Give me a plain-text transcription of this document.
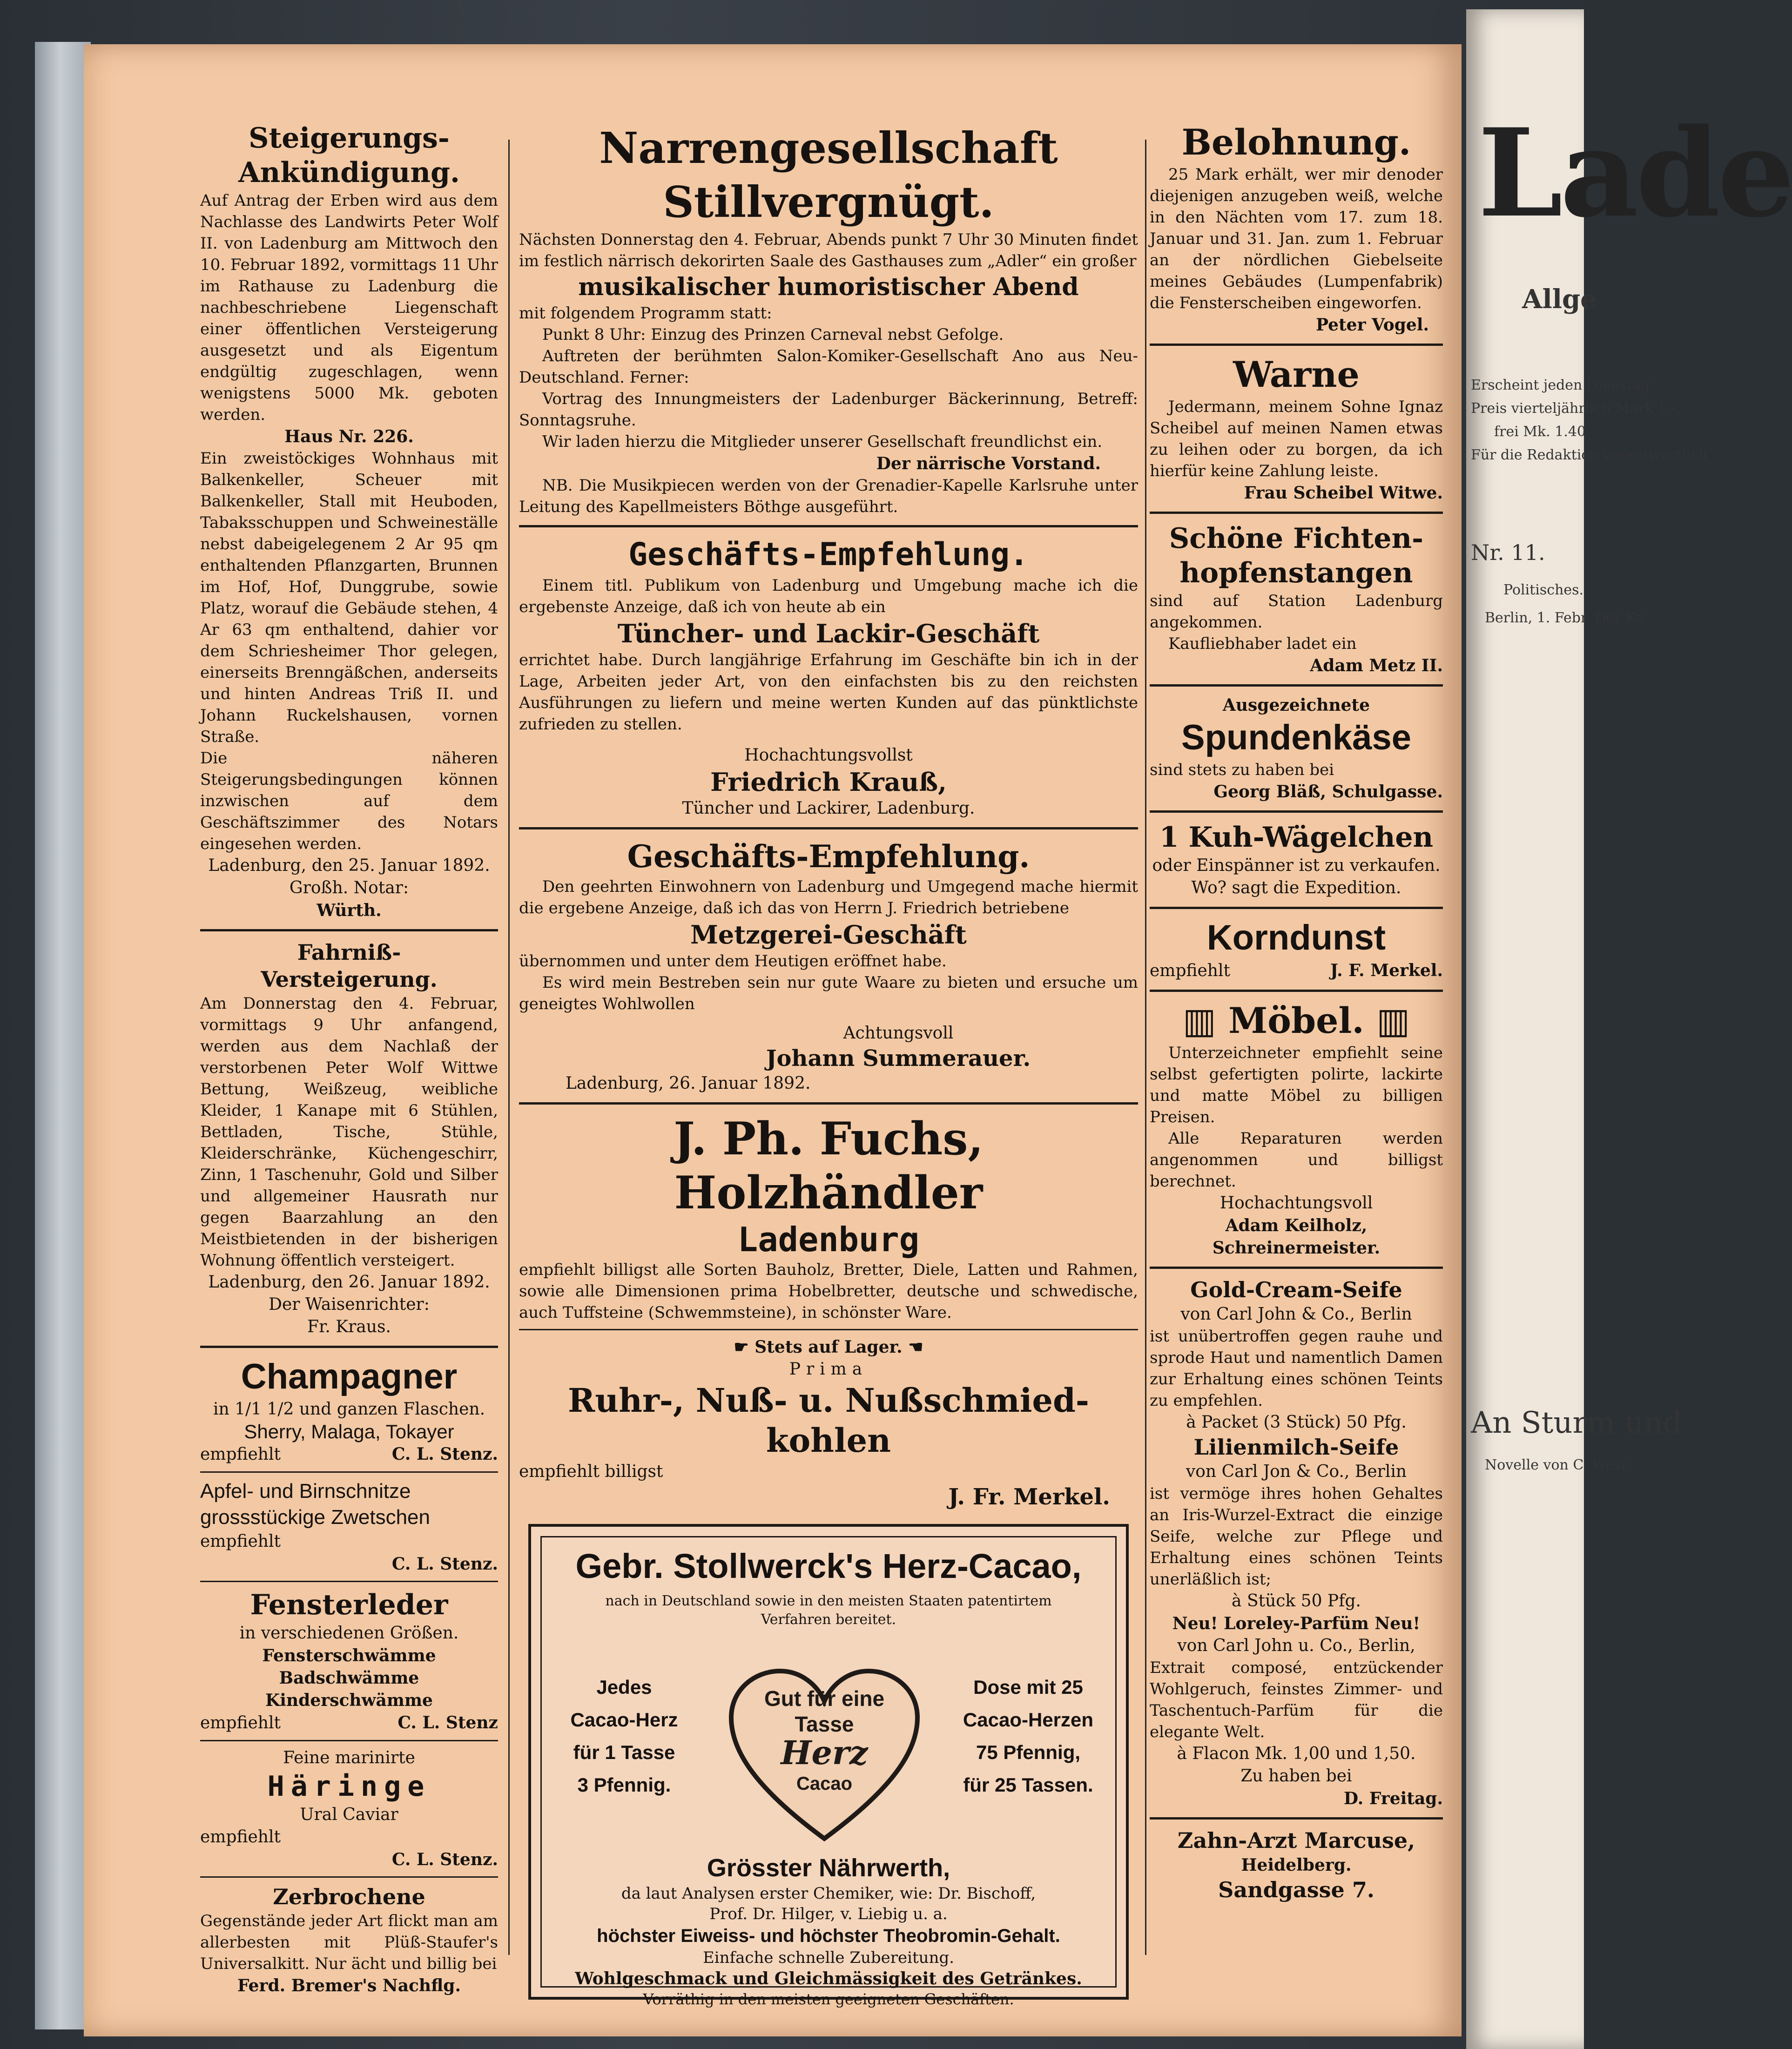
Lade
Allge
Erscheint jeden Dienstag
Preis vierteljährlich Mark 1.-,
frei Mk. 1.40
Für die Redaktion verantwortlich
Nr. 11.
Politisches.
Berlin, 1. Febr. Der Ka
An Sturm und
Novelle von C. West
Steigerungs-
Ankündigung.

Auf Antrag der Erben wird aus dem Nachlasse des Landwirts Peter Wolf II. von Ladenburg am Mittwoch den 10. Februar 1892, vormittags 11 Uhr im Rathause zu Ladenburg die nachbeschriebene Liegenschaft einer öffentlichen Versteigerung ausgesetzt und als Eigentum endgültig zugeschlagen, wenn wenigstens 5000 Mk. geboten werden.

Haus Nr. 226.

Ein zweistöckiges Wohnhaus mit Balkenkeller, Scheuer mit Balkenkeller, Stall mit Heuboden, Tabaksschuppen und Schweineställe nebst dabeigelegenem 2 Ar 95 qm enthaltenden Pflanzgarten, Brunnen im Hof, Hof, Dunggrube, sowie Platz, worauf die Gebäude stehen, 4 Ar 63 qm enthaltend, dahier vor dem Schriesheimer Thor gelegen, einerseits Brenngäßchen, anderseits und hinten Andreas Triß II. und Johann Ruckelshausen, vornen Straße.

Die näheren Steigerungsbedingungen können inzwischen auf dem Geschäftszimmer des Notars eingesehen werden.

Ladenburg, den 25. Januar 1892.

Großh. Notar:

Würth.

Fahrniß-
Versteigerung.

Am Donnerstag den 4. Februar, vormittags 9 Uhr anfangend, werden aus dem Nachlaß der verstorbenen Peter Wolf Wittwe Bettung, Weißzeug, weibliche Kleider, 1 Kanape mit 6 Stühlen, Bettladen, Tische, Stühle, Kleiderschränke, Küchengeschirr, Zinn, 1 Taschenuhr, Gold und Silber und allgemeiner Hausrath nur gegen Baarzahlung an den Meistbietenden in der bisherigen Wohnung öffentlich versteigert.

Ladenburg, den 26. Januar 1892.

Der Waisenrichter:

Fr. Kraus.

Champagner

in 1/1 1/2 und ganzen Flaschen.

Sherry, Malaga, Tokayer

empfiehlt	C. L. Stenz.

Apfel- und Birnschnitze

grossstückige Zwetschen

empfiehlt

C. L. Stenz.

Fensterleder

in verschiedenen Größen.

Fensterschwämme

Badschwämme

Kinderschwämme

empfiehlt	C. L. Stenz

Feine marinirte

Häringe

Ural Caviar

empfiehlt

C. L. Stenz.

Zerbrochene

Gegenstände jeder Art flickt man am allerbesten mit Plüß-Staufer's Universalkitt. Nur ächt und billig bei

Ferd. Bremer's Nachflg.

Narrengesellschaft Stillvergnügt.

Nächsten Donnerstag den 4. Februar, Abends punkt 7 Uhr 30 Minuten findet im festlich närrisch dekorirten Saale des Gasthauses zum „Adler“ ein großer

musikalischer humoristischer Abend

mit folgendem Programm statt:

Punkt 8 Uhr: Einzug des Prinzen Carneval nebst Gefolge.

Auftreten der berühmten Salon-Komiker-Gesellschaft Ano aus Neu-Deutschland. Ferner:

Vortrag des Innungmeisters der Ladenburger Bäckerinnung, Betreff: Sonntagsruhe.

Wir laden hierzu die Mitglieder unserer Gesellschaft freundlichst ein.

Der närrische Vorstand.

NB. Die Musikpiecen werden von der Grenadier-Kapelle Karlsruhe unter Leitung des Kapellmeisters Böthge ausgeführt.

Geschäfts-Empfehlung.

Einem titl. Publikum von Ladenburg und Umgebung mache ich die ergebenste Anzeige, daß ich von heute ab ein

Tüncher- und Lackir-Geschäft

errichtet habe. Durch langjährige Erfahrung im Geschäfte bin ich in der Lage, Arbeiten jeder Art, von den einfachsten bis zu den reichsten Ausführungen zu liefern und meine werten Kunden auf das pünktlichste zufrieden zu stellen.

Hochachtungsvollst

Friedrich Krauß,

Tüncher und Lackirer, Ladenburg.

Geschäfts-Empfehlung.

Den geehrten Einwohnern von Ladenburg und Umgegend mache hiermit die ergebene Anzeige, daß ich das von Herrn J. Friedrich betriebene

Metzgerei-Geschäft

übernommen und unter dem Heutigen eröffnet habe.

Es wird mein Bestreben sein nur gute Waare zu bieten und ersuche um geneigtes Wohlwollen

Achtungsvoll

Johann Summerauer.

Ladenburg, 26. Januar 1892.

J. Ph. Fuchs, Holzhändler
Ladenburg

empfiehlt billigst alle Sorten Bauholz, Bretter, Diele, Latten und Rahmen, sowie alle Dimensionen prima Hobelbretter, deutsche und schwedische, auch Tuffsteine (Schwemmsteine), in schönster Ware.

☛ Stets auf Lager. ☚

Prima

Ruhr-, Nuß- u. Nußschmied-kohlen

empfiehlt billigst

J. Fr. Merkel.

Gebr. Stollwerck's Herz-Cacao,
nach in Deutschland sowie in den meisten Staaten patentirtem Verfahren bereitet.
Jedes
Cacao-Herz
für 1 Tasse
3 Pfennig.
Gut für eine
Tasse
Herz
Cacao
Dose mit 25
Cacao-Herzen
75 Pfennig,
für 25 Tassen.
Grösster Nährwerth,
da laut Analysen erster Chemiker, wie: Dr. Bischoff,
Prof. Dr. Hilger, v. Liebig u. a.
höchster Eiweiss- und höchster Theobromin-Gehalt.
Einfache schnelle Zubereitung.
Wohlgeschmack und Gleichmässigkeit des Getränkes.
Vorräthig in den meisten geeigneten Geschäften.
Belohnung.

25 Mark erhält, wer mir denoder diejenigen anzugeben weiß, welche in den Nächten vom 17. zum 18. Januar und 31. Jan. zum 1. Februar an der nördlichen Giebelseite meines Gebäudes (Lumpenfabrik) die Fensterscheiben eingeworfen.

Peter Vogel.

Warne

Jedermann, meinem Sohne Ignaz Scheibel auf meinen Namen etwas zu leihen oder zu borgen, da ich hierfür keine Zahlung leiste.

Frau Scheibel Witwe.

Schöne Fichten-
hopfenstangen

sind auf Station Ladenburg angekommen.

Kaufliebhaber ladet ein

Adam Metz II.

Ausgezeichnete

Spundenkäse

sind stets zu haben bei

Georg Bläß, Schulgasse.

1 Kuh-Wägelchen

oder Einspänner ist zu verkaufen.

Wo? sagt die Expedition.

Korndunst
empfiehlt	J. F. Merkel.
▥ Möbel. ▥

Unterzeichneter empfiehlt seine selbst gefertigten polirte, lackirte und matte Möbel zu billigen Preisen.

Alle Reparaturen werden angenommen und billigst berechnet.

Hochachtungsvoll

Adam Keilholz, Schreinermeister.

Gold-Cream-Seife

von Carl John & Co., Berlin

ist unübertroffen gegen rauhe und sprode Haut und namentlich Damen zur Erhaltung eines schönen Teints zu empfehlen.

à Packet (3 Stück) 50 Pfg.

Lilienmilch-Seife

von Carl Jon & Co., Berlin

ist vermöge ihres hohen Gehaltes an Iris-Wurzel-Extract die einzige Seife, welche zur Pflege und Erhaltung eines schönen Teints unerläßlich ist;

à Stück 50 Pfg.

Neu! Loreley-Parfüm Neu!

von Carl John u. Co., Berlin,

Extrait composé, entzückender Wohlgeruch, feinstes Zimmer- und Taschentuch-Parfüm für die elegante Welt.

à Flacon Mk. 1,00 und 1,50.

Zu haben bei

D. Freitag.

Zahn-Arzt Marcuse,

Heidelberg.

Sandgasse 7.
